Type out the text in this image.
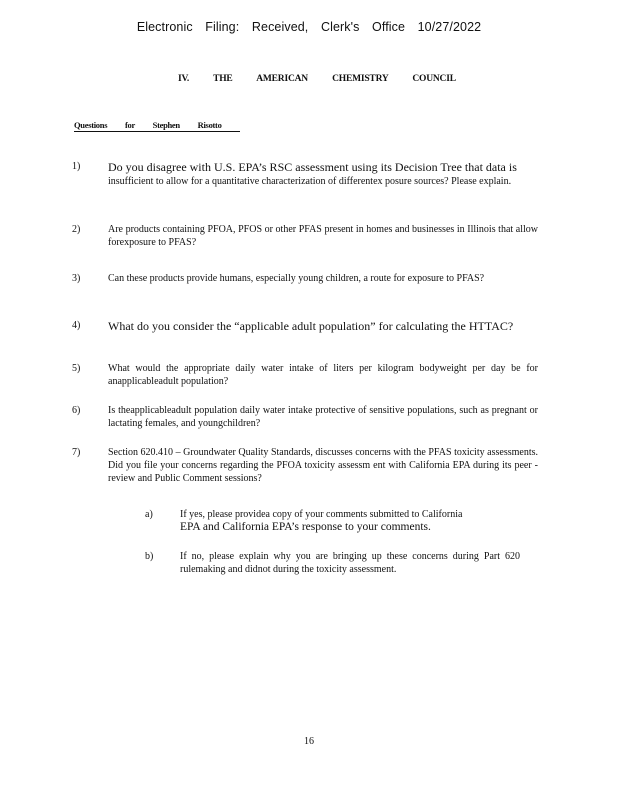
Electronic Filing: Received, Clerk's Office 10/27/2022
IV. THE AMERICAN CHEMISTRY COUNCIL
Questions for Stephen Risotto
1) Do you disagree with U.S. EPA’s RSC assessment using its Decision Tree that data is
insufficient to allow for a quantitative characterization of differentex posure sources? Please explain.
2)	Are products containing PFOA, PFOS or other PFAS present in homes and businesses in Illinois that allow forexposure to PFAS?
3)	Can these products provide humans, especially young children, a route for exposure to PFAS?
4) What do you consider the “applicable adult population” for calculating the HTTAC?
5)	What would the appropriate daily water intake of liters per kilogram bodyweight per day be for anapplicableadult population?
6)	Is theapplicableadult population daily water intake protective of sensitive populations, such as pregnant or lactating females, and youngchildren?
7)	Section 620.410 – Groundwater Quality Standards, discusses concerns with the PFAS toxicity assessments. Did you file your concerns regarding the PFOA toxicity assessm ent with California EPA during its peer -review and Public Comment sessions?
a)	If yes, please providea copy of your comments submitted to California
EPA and California EPA’s response to your comments.
b)	If no, please explain why you are bringing up these concerns during Part 620 rulemaking and didnot during the toxicity assessment.
16
